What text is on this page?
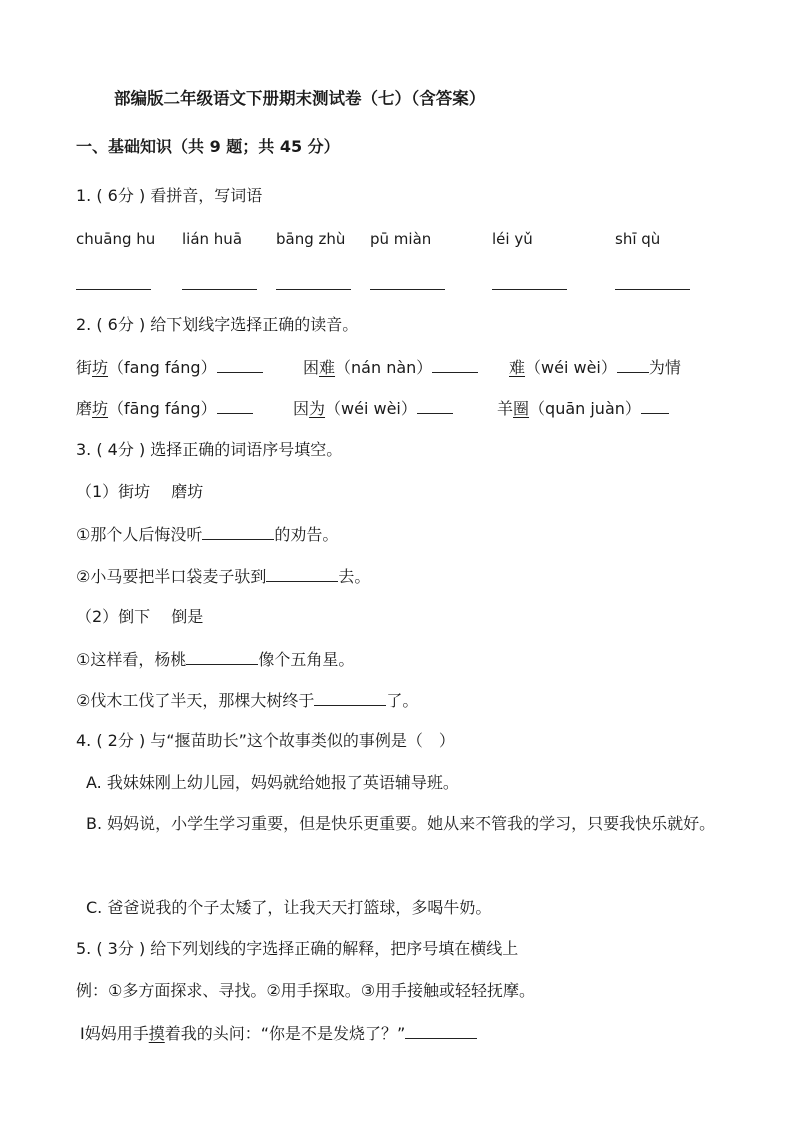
部编版二年级语文下册期末测试卷（七）（含答案）
一、基础知识（共 9 题；共 45 分）
1. ( 6分 ) 看拼音，写词语
chuāng hu lián huā bāng zhù pū miàn	léi yǔ	shī qù
2. ( 6分 ) 给下划线字选择正确的读音。
街坊（fang fáng）	困难（nán nàn）	难（wéi wèi） 为情
磨坊（fāng fáng）	因为（wéi wèi）	羊圈（quān juàn）
3. ( 4分 ) 选择正确的词语序号填空。
（1）街坊　 磨坊
①那个人后悔没听	的劝告。
②小马要把半口袋麦子驮到	去。
（2）倒下　 倒是
①这样看，杨桃	像个五角星。
②伐木工伐了半天，那棵大树终于	了。
4. ( 2分 ) 与“揠苗助长”这个故事类似的事例是（　）
A. 我妹妹刚上幼儿园，妈妈就给她报了英语辅导班。
B. 妈妈说，小学生学习重要，但是快乐更重要。她从来不管我的学习，只要我快乐就好。
C. 爸爸说我的个子太矮了，让我天天打篮球，多喝牛奶。
5. ( 3分 ) 给下列划线的字选择正确的解释，把序号填在横线上
例：①多方面探求、寻找。②用手探取。③用手接触或轻轻抚摩。
Ⅰ妈妈用手摸着我的头问：“你是不是发烧了？”
